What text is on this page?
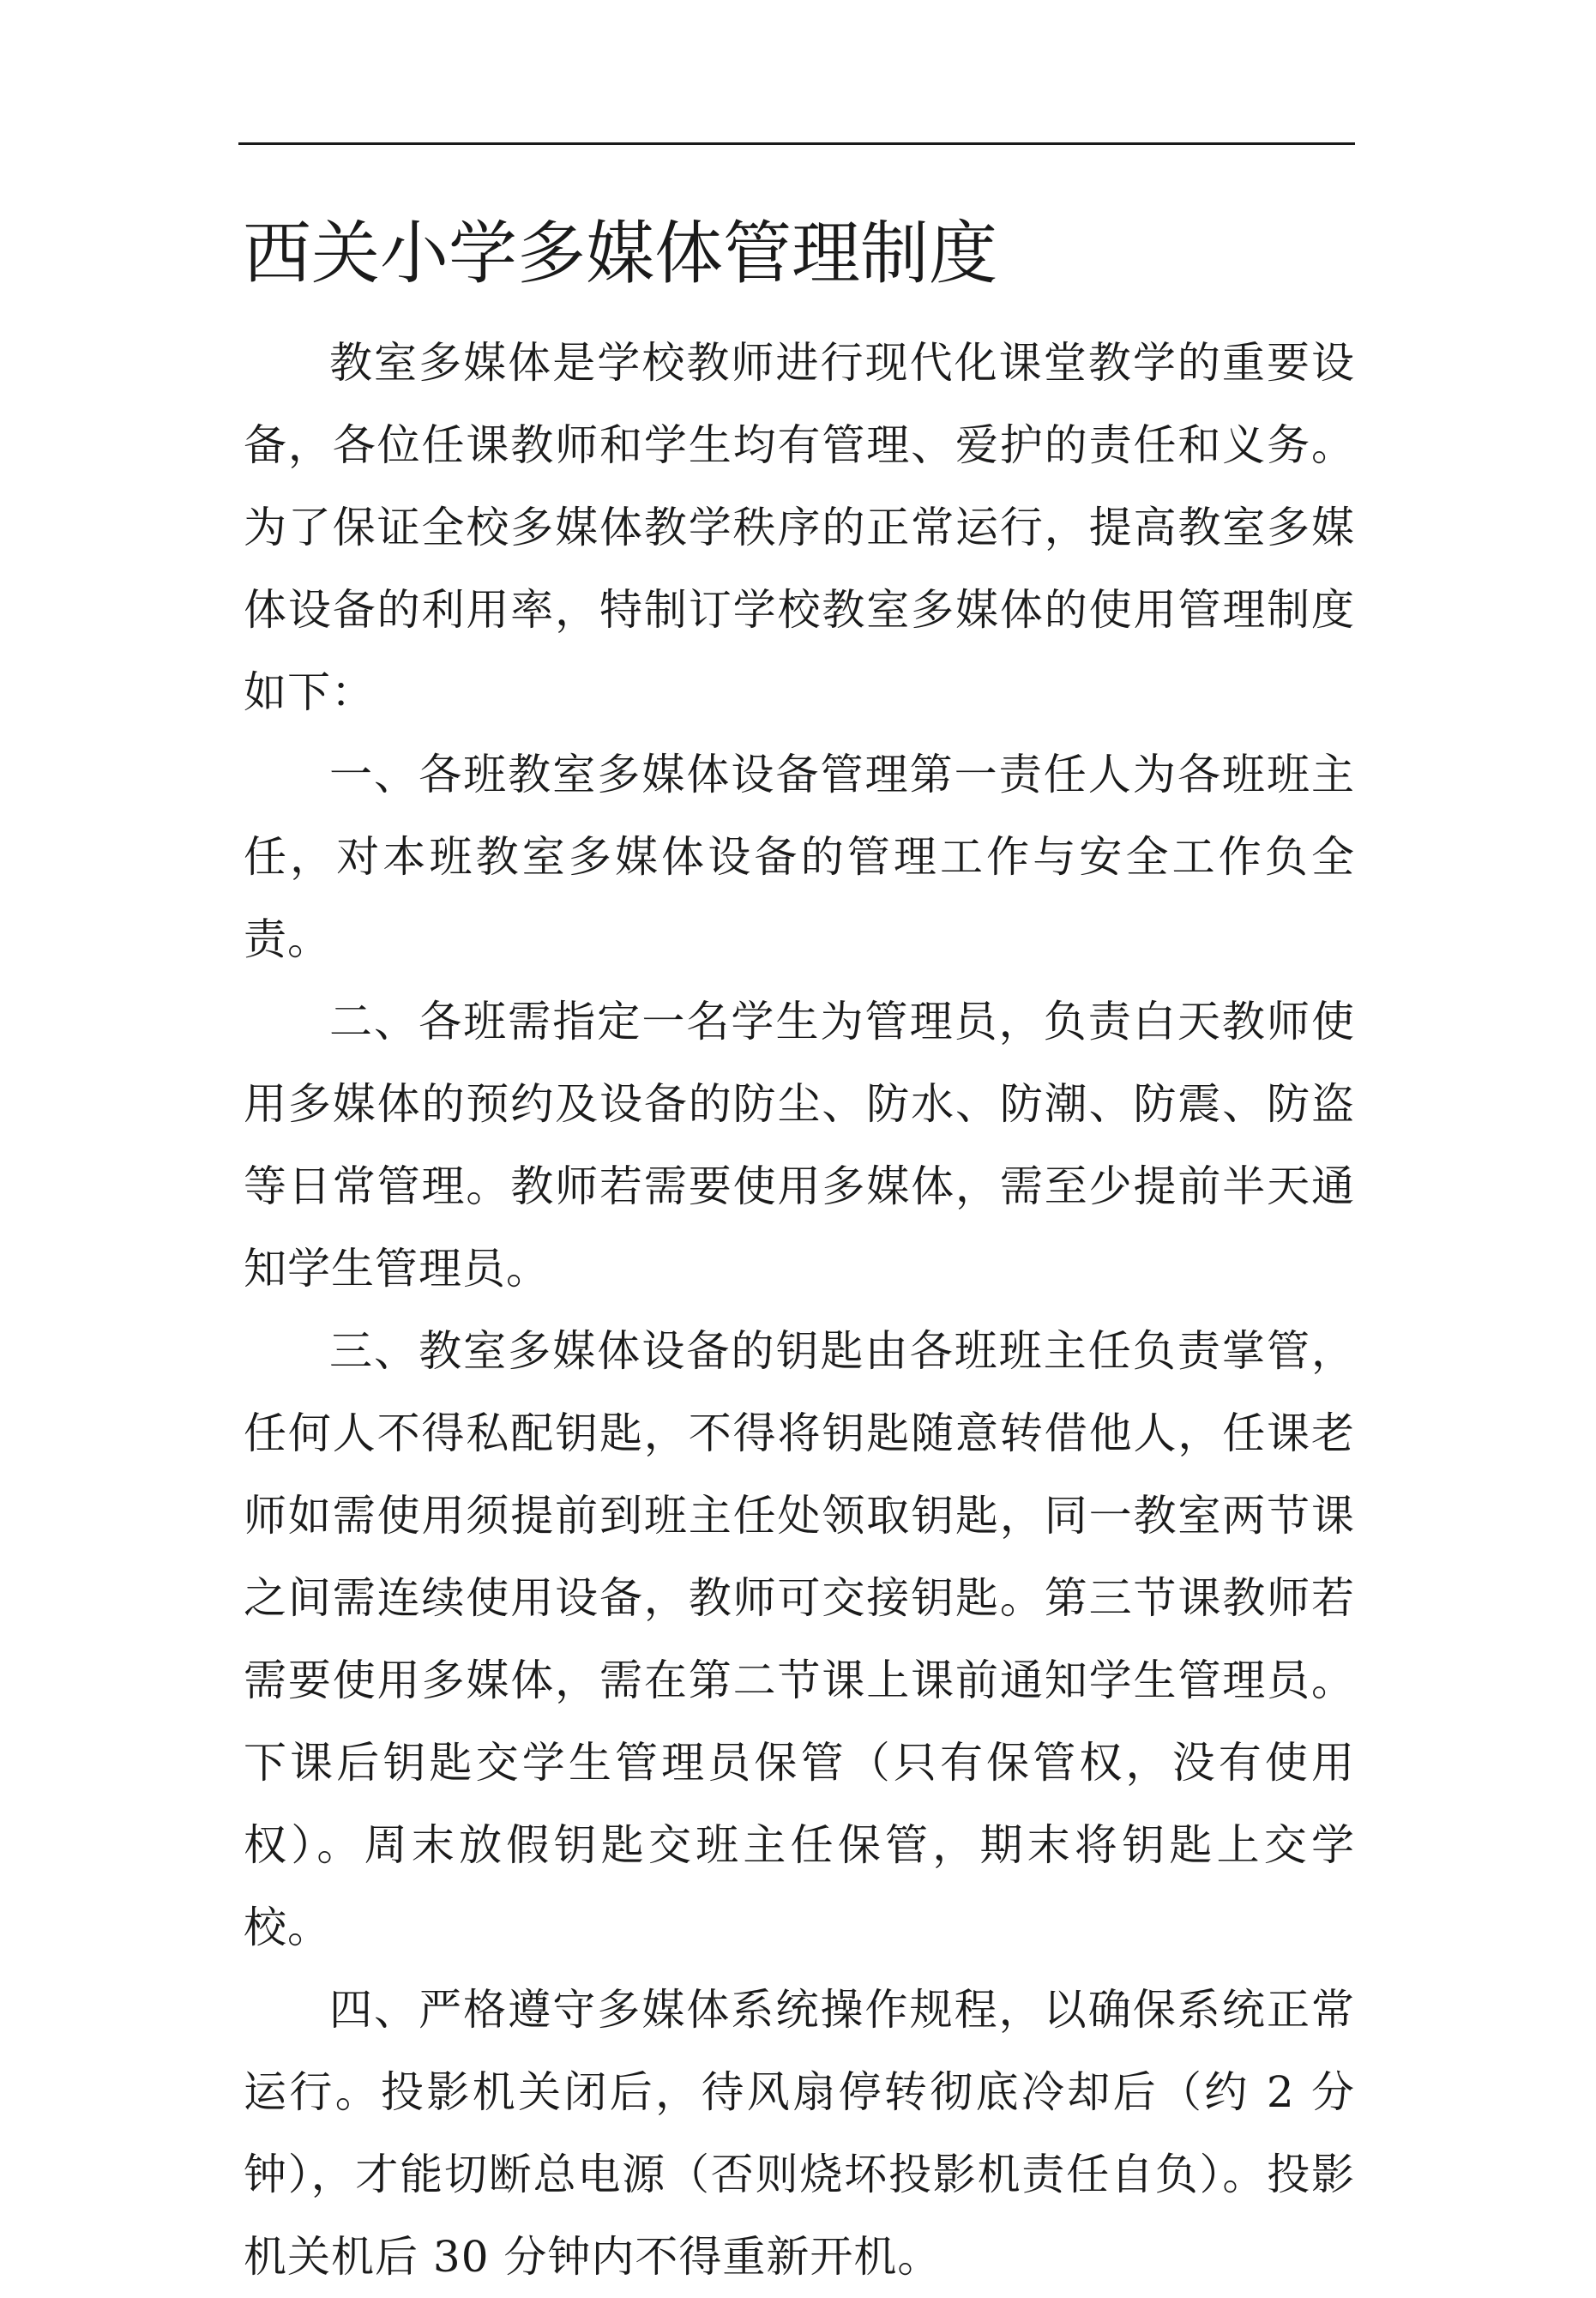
西关小学多媒体管理制度

教室多媒体是学校教师进行现代化课堂教学的重要设备，各位任课教师和学生均有管理、爱护的责任和义务。为了保证全校多媒体教学秩序的正常运行，提高教室多媒体设备的利用率，特制订学校教室多媒体的使用管理制度如下：

一、各班教室多媒体设备管理第一责任人为各班班主任，对本班教室多媒体设备的管理工作与安全工作负全责。

二、各班需指定一名学生为管理员，负责白天教师使用多媒体的预约及设备的防尘、防水、防潮、防震、防盗等日常管理。教师若需要使用多媒体，需至少提前半天通知学生管理员。

三、教室多媒体设备的钥匙由各班班主任负责掌管，任何人不得私配钥匙，不得将钥匙随意转借他人，任课老师如需使用须提前到班主任处领取钥匙，同一教室两节课之间需连续使用设备，教师可交接钥匙。第三节课教师若需要使用多媒体，需在第二节课上课前通知学生管理员。下课后钥匙交学生管理员保管（只有保管权，没有使用权）。周末放假钥匙交班主任保管，期末将钥匙上交学校。

四、严格遵守多媒体系统操作规程，以确保系统正常运行。投影机关闭后，待风扇停转彻底冷却后（约 2 分钟），才能切断总电源（否则烧坏投影机责任自负）。投影机关机后 30 分钟内不得重新开机。
